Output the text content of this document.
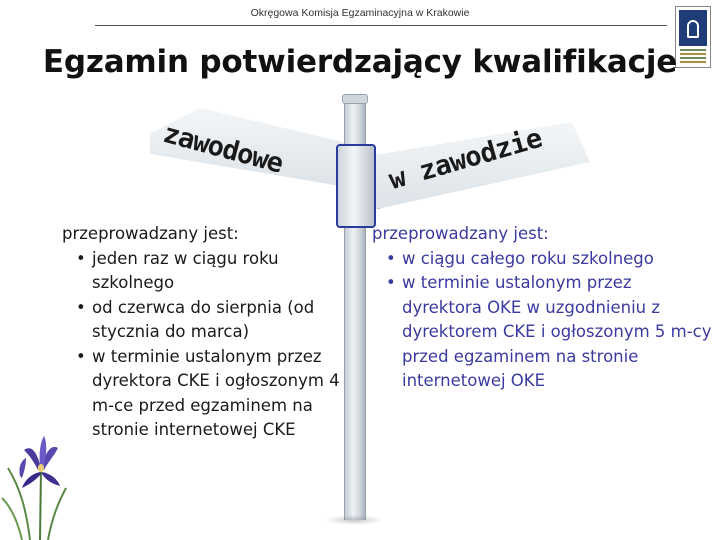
Okręgowa Komisja Egzaminacyjna w Krakowie
Egzamin potwierdzający kwalifikacje
zawodowe	w zawodzie

przeprowadzany jest:

• jeden raz w ciągu roku szkolnego
• od czerwca do sierpnia (od stycznia do marca)
• w terminie ustalonym przez dyrektora CKE i ogłoszonym 4 m-ce przed egzaminem na stronie internetowej CKE

przeprowadzany jest:

• w ciągu całego roku szkolnego
• w terminie ustalonym przez dyrektora OKE w uzgodnieniu z dyrektorem CKE i ogłoszonym 5 m-cy przed egzaminem na stronie internetowej OKE
